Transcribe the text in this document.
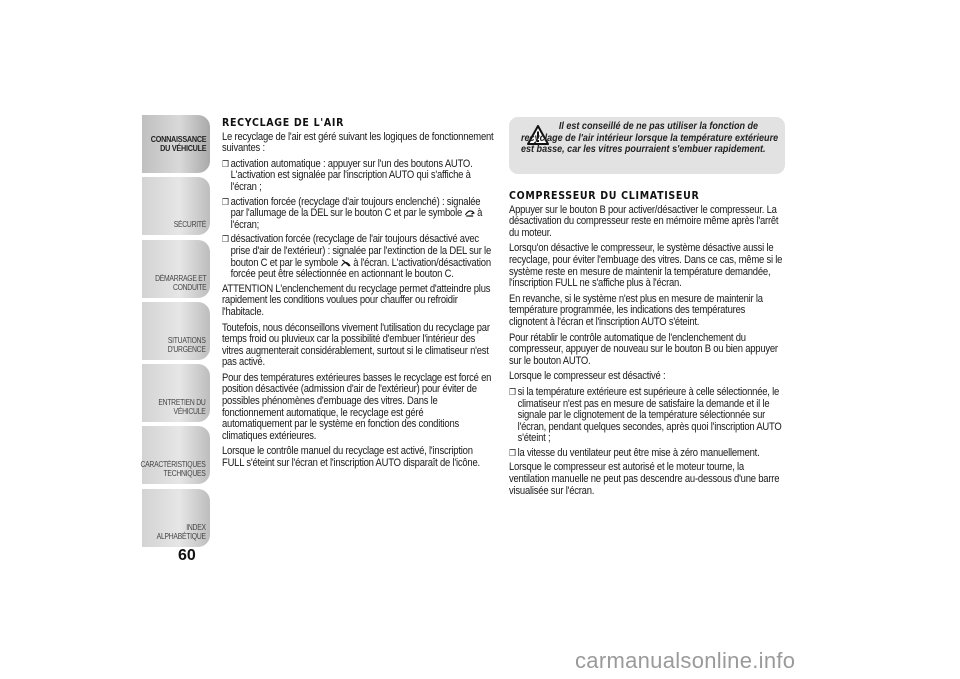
CONNAISSANCE
DU VÉHICULE
SÉCURITÉ
DÉMARRAGE ET
CONDUITE
SITUATIONS
D'URGENCE
ENTRETIEN DU
VÉHICULE
CARACTÉRISTIQUES
TECHNIQUES
INDEX
ALPHABÉTIQUE
60
RECYCLAGE DE L'AIR

Le recyclage de l'air est géré suivant les logiques de fonctionnement suivantes :

❒ activation automatique : appuyer sur l'un des boutons AUTO. L'activation est signalée par l'inscription AUTO qui s'affiche à l'écran ;
❒ activation forcée (recyclage d'air toujours enclenché) : signalée par l'allumage de la DEL sur le bouton C et par le symbole à l'écran;
❒ désactivation forcée (recyclage de l'air toujours désactivé avec prise d'air de l'extérieur) : signalée par l'extinction de la DEL sur le bouton C et par le symbole à l'écran. L'activation/désactivation forcée peut être sélectionnée en actionnant le bouton C.

ATTENTION L'enclenchement du recyclage permet d'atteindre plus rapidement les conditions voulues pour chauffer ou refroidir l'habitacle.

Toutefois, nous déconseillons vivement l'utilisation du recyclage par temps froid ou pluvieux car la possibilité d'embuer l'intérieur des vitres augmenterait considérablement, surtout si le climatiseur n'est pas activé.

Pour des températures extérieures basses le recyclage est forcé en position désactivée (admission d'air de l'extérieur) pour éviter de possibles phénomènes d'embuage des vitres. Dans le fonctionnement automatique, le recyclage est géré automatiquement par le système en fonction des conditions climatiques extérieures.

Lorsque le contrôle manuel du recyclage est activé, l'inscription FULL s'éteint sur l'écran et l'inscription AUTO disparaît de l'icône.

Il est conseillé de ne pas utiliser la fonction de recyclage de l'air intérieur lorsque la température extérieure est basse, car les vitres pourraient s'embuer rapidement.
COMPRESSEUR DU CLIMATISEUR

Appuyer sur le bouton B pour activer/désactiver le compresseur. La désactivation du compresseur reste en mémoire même après l'arrêt du moteur.

Lorsqu'on désactive le compresseur, le système désactive aussi le recyclage, pour éviter l'embuage des vitres. Dans ce cas, même si le système reste en mesure de maintenir la température demandée, l'inscription FULL ne s'affiche plus à l'écran.

En revanche, si le système n'est plus en mesure de maintenir la température programmée, les indications des températures clignotent à l'écran et l'inscription AUTO s'éteint.

Pour rétablir le contrôle automatique de l'enclenchement du compresseur, appuyer de nouveau sur le bouton B ou bien appuyer sur le bouton AUTO.

Lorsque le compresseur est désactivé :

❒ si la température extérieure est supérieure à celle sélectionnée, le climatiseur n'est pas en mesure de satisfaire la demande et il le signale par le clignotement de la température sélectionnée sur l'écran, pendant quelques secondes, après quoi l'inscription AUTO s'éteint ;
❒ la vitesse du ventilateur peut être mise à zéro manuellement.

Lorsque le compresseur est autorisé et le moteur tourne, la ventilation manuelle ne peut pas descendre au-dessous d'une barre visualisée sur l'écran.

carmanualsonline.info
